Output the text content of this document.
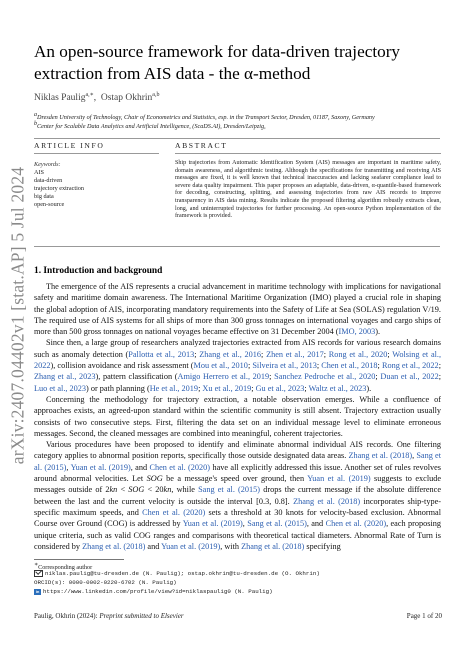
arXiv:2407.04402v1 [stat.AP] 5 Jul 2024
An open-source framework for data-driven trajectory extraction from AIS data - the α-method
Niklas Paulig$^{a,∗}$,  Ostap Okhrin$^{a,b}$
aDresden University of Technology, Chair of Econometrics and Statistics, esp. in the Transport Sector, Dresden, 01187, Saxony, Germany
bCenter for Scalable Data Analytics and Artificial Intelligence, (ScaDS.AI), Dresden/Leipzig,
ARTICLE INFO	ABSTRACT
Keywords:
AIS
data-driven
trajectory extraction
big data
open-source
Ship trajectories from Automatic Identification System (AIS) messages are important in maritime safety, domain awareness, and algorithmic testing. Although the specifications for transmitting and receiving AIS messages are fixed, it is well known that technical inaccuracies and lacking seafarer compliance lead to severe data quality impairment. This paper proposes an adaptable, data-driven, α-quantile-based framework for decoding, constructing, splitting, and assessing trajectories from raw AIS records to improve transparency in AIS data mining. Results indicate the proposed filtering algorithm robustly extracts clean, long, and uninterrupted trajectories for further processing. An open-source Python implementation of the framework is provided.
1. Introduction and background

The emergence of the AIS represents a crucial advancement in maritime technology with implications for navigational safety and maritime domain awareness. The International Maritime Organization (IMO) played a crucial role in shaping the global adoption of AIS, incorporating mandatory requirements into the Safety of Life at Sea (SOLAS) regulation V/19. The required use of AIS systems for all ships of more than 300 gross tonnages on international voyages and cargo ships of more than 500 gross tonnages on national voyages became effective on 31 December 2004 (IMO, 2003).

Since then, a large group of researchers analyzed trajectories extracted from AIS records for various research domains such as anomaly detection (Pallotta et al., 2013; Zhang et al., 2016; Zhen et al., 2017; Rong et al., 2020; Wolsing et al., 2022), collision avoidance and risk assessment (Mou et al., 2010; Silveira et al., 2013; Chen et al., 2018; Rong et al., 2022; Zhang et al., 2023), pattern classification (Amigo Herrero et al., 2019; Sanchez Pedroche et al., 2020; Duan et al., 2022; Luo et al., 2023) or path planning (He et al., 2019; Xu et al., 2019; Gu et al., 2023; Waltz et al., 2023).

Concerning the methodology for trajectory extraction, a notable observation emerges. While a confluence of approaches exists, an agreed-upon standard within the scientific community is still absent. Trajectory extraction usually consists of two consecutive steps. First, filtering the data set on an individual message level to eliminate erroneous messages. Second, the cleaned messages are combined into meaningful, coherent trajectories.

Various procedures have been proposed to identify and eliminate abnormal individual AIS records. One filtering category applies to abnormal position reports, specifically those outside designated data areas. Zhang et al. (2018), Sang et al. (2015), Yuan et al. (2019), and Chen et al. (2020) have all explicitly addressed this issue. Another set of rules revolves around abnormal velocities. Let SOG be a message's speed over ground, then Yuan et al. (2019) suggests to exclude messages outside of 2kn < SOG < 20kn, while Sang et al. (2015) drops the current message if the absolute difference between the last and the current velocity is outside the interval [0.3, 0.8]. Zhang et al. (2018) incorporates ship-type-specific maximum speeds, and Chen et al. (2020) sets a threshold at 30 knots for velocity-based exclusion. Abnormal Course over Ground (COG) is addressed by Yuan et al. (2019), Sang et al. (2015), and Chen et al. (2020), each proposing unique criteria, such as valid COG ranges and comparisons with theoretical tactical diameters. Abnormal Rate of Turn is considered by Zhang et al. (2018) and Yuan et al. (2019), with Zhang et al. (2018) specifying

∗Corresponding author
niklas.paulig@tu-dresden.de (N. Paulig); ostap.okhrin@tu-dresden.de (O. Okhrin)
ORCID(s): 0000-0002-0220-6702 (N. Paulig)
in https://www.linkedin.com/profile/view?id=niklaspaulig0 (N. Paulig)
Paulig, Okhrin (2024): Preprint submitted to Elsevier	Page 1 of 20
